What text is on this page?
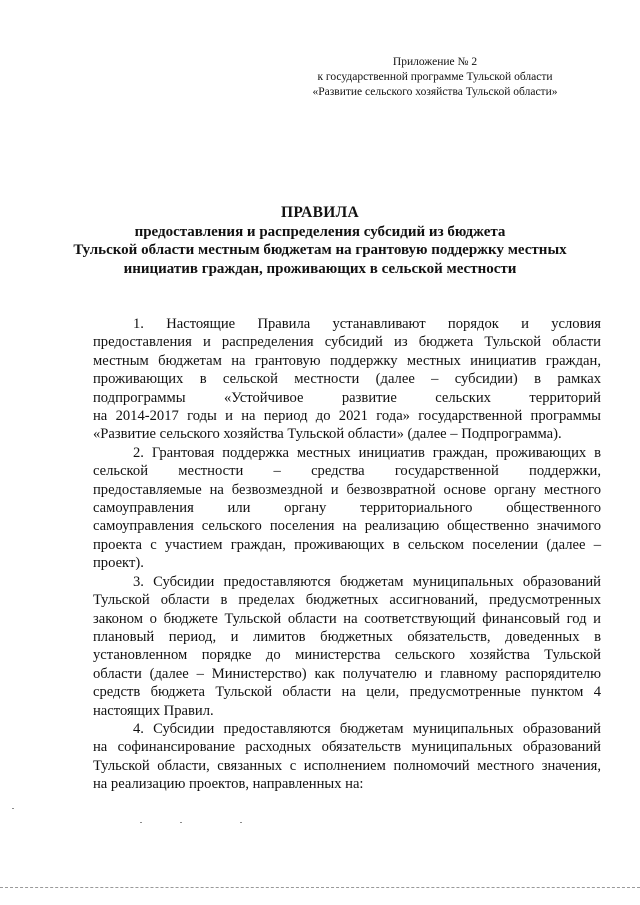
Приложение № 2
к государственной программе Тульской области
«Развитие сельского хозяйства Тульской области»
ПРАВИЛА
предоставления и распределения субсидий из бюджета
Тульской области местным бюджетам на грантовую поддержку местных
инициатив граждан, проживающих в сельской местности
1. Настоящие Правила устанавливают порядок и условия
предоставления и распределения субсидий из бюджета Тульской области
местным бюджетам на грантовую поддержку местных инициатив граждан,
проживающих в сельской местности (далее – субсидии) в рамках
подпрограммы «Устойчивое развитие сельских территорий
на 2014-2017 годы и на период до 2021 года» государственной программы
«Развитие сельского хозяйства Тульской области» (далее – Подпрограмма).
2. Грантовая поддержка местных инициатив граждан, проживающих в
сельской местности – средства государственной поддержки,
предоставляемые на безвозмездной и безвозвратной основе органу местного
самоуправления или органу территориального общественного
самоуправления сельского поселения на реализацию общественно значимого
проекта с участием граждан, проживающих в сельском поселении (далее –
проект).
3. Субсидии предоставляются бюджетам муниципальных образований
Тульской области в пределах бюджетных ассигнований, предусмотренных
законом о бюджете Тульской области на соответствующий финансовый год и
плановый период, и лимитов бюджетных обязательств, доведенных в
установленном порядке до министерства сельского хозяйства Тульской
области (далее – Министерство) как получателю и главному распорядителю
средств бюджета Тульской области на цели, предусмотренные пунктом 4
настоящих Правил.
4. Субсидии предоставляются бюджетам муниципальных образований
на софинансирование расходных обязательств муниципальных образований
Тульской области, связанных с исполнением полномочий местного значения,
на реализацию проектов, направленных на:
